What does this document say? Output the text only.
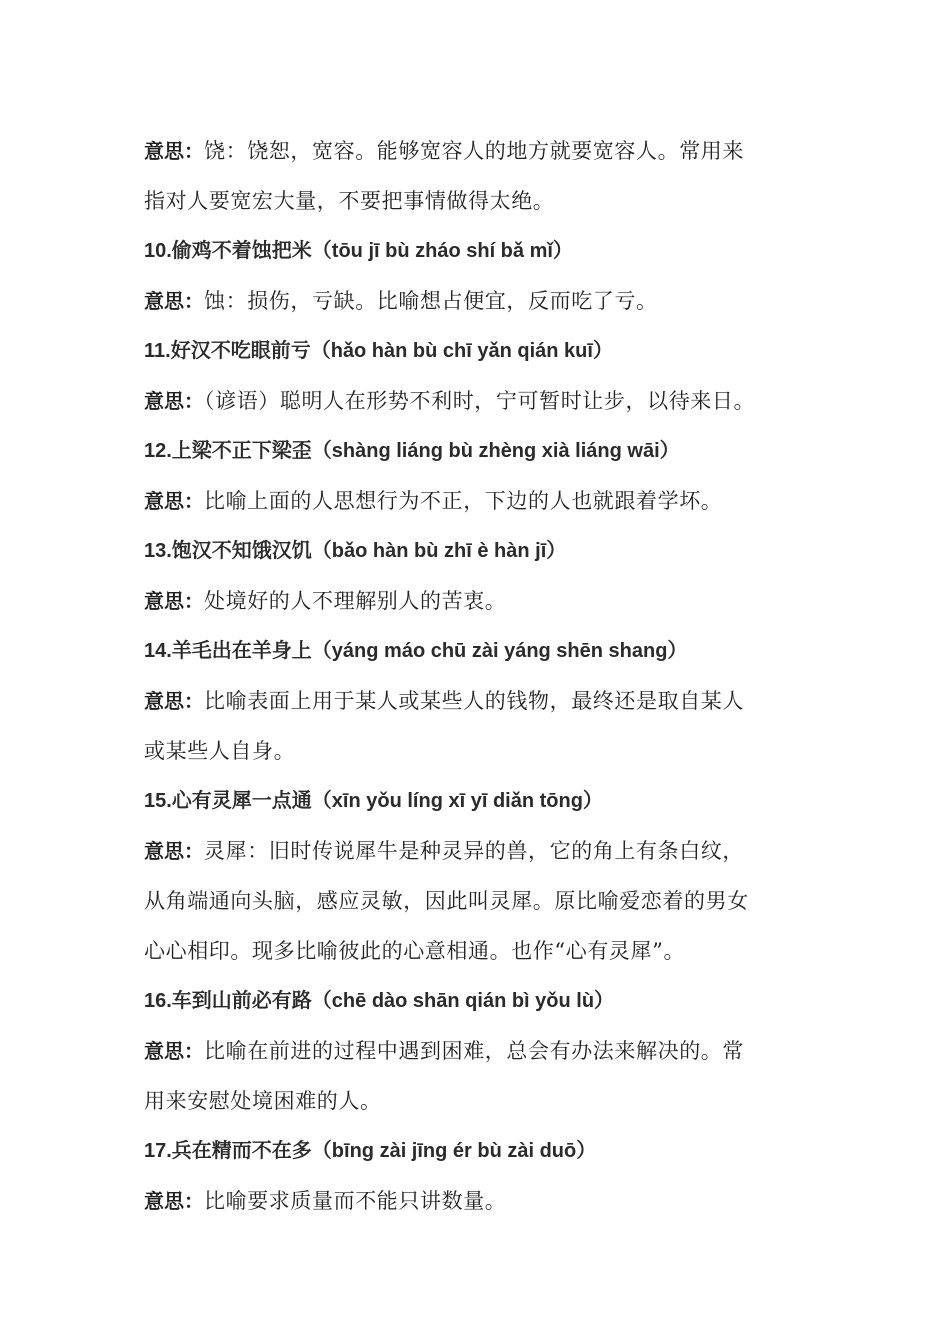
意思：饶：饶恕，宽容。能够宽容人的地方就要宽容人。常用来
指对人要宽宏大量，不要把事情做得太绝。
10.偷鸡不着蚀把米（tōu jī bù zháo shí bǎ mǐ）
意思：蚀：损伤，亏缺。比喻想占便宜，反而吃了亏。
11.好汉不吃眼前亏（hǎo hàn bù chī yǎn qián kuī）
意思：（谚语）聪明人在形势不利时，宁可暂时让步，以待来日。
12.上梁不正下梁歪（shàng liáng bù zhèng xià liáng wāi）
意思：比喻上面的人思想行为不正，下边的人也就跟着学坏。
13.饱汉不知饿汉饥（bǎo hàn bù zhī è hàn jī）
意思：处境好的人不理解别人的苦衷。
14.羊毛出在羊身上（yáng máo chū zài yáng shēn shang）
意思：比喻表面上用于某人或某些人的钱物，最终还是取自某人
或某些人自身。
15.心有灵犀一点通（xīn yǒu líng xī yī diǎn tōng）
意思：灵犀：旧时传说犀牛是种灵异的兽，它的角上有条白纹，
从角端通向头脑，感应灵敏，因此叫灵犀。原比喻爱恋着的男女
心心相印。现多比喻彼此的心意相通。也作“心有灵犀”。
16.车到山前必有路（chē dào shān qián bì yǒu lù）
意思：比喻在前进的过程中遇到困难，总会有办法来解决的。常
用来安慰处境困难的人。
17.兵在精而不在多（bīng zài jīng ér bù zài duō）
意思：比喻要求质量而不能只讲数量。
